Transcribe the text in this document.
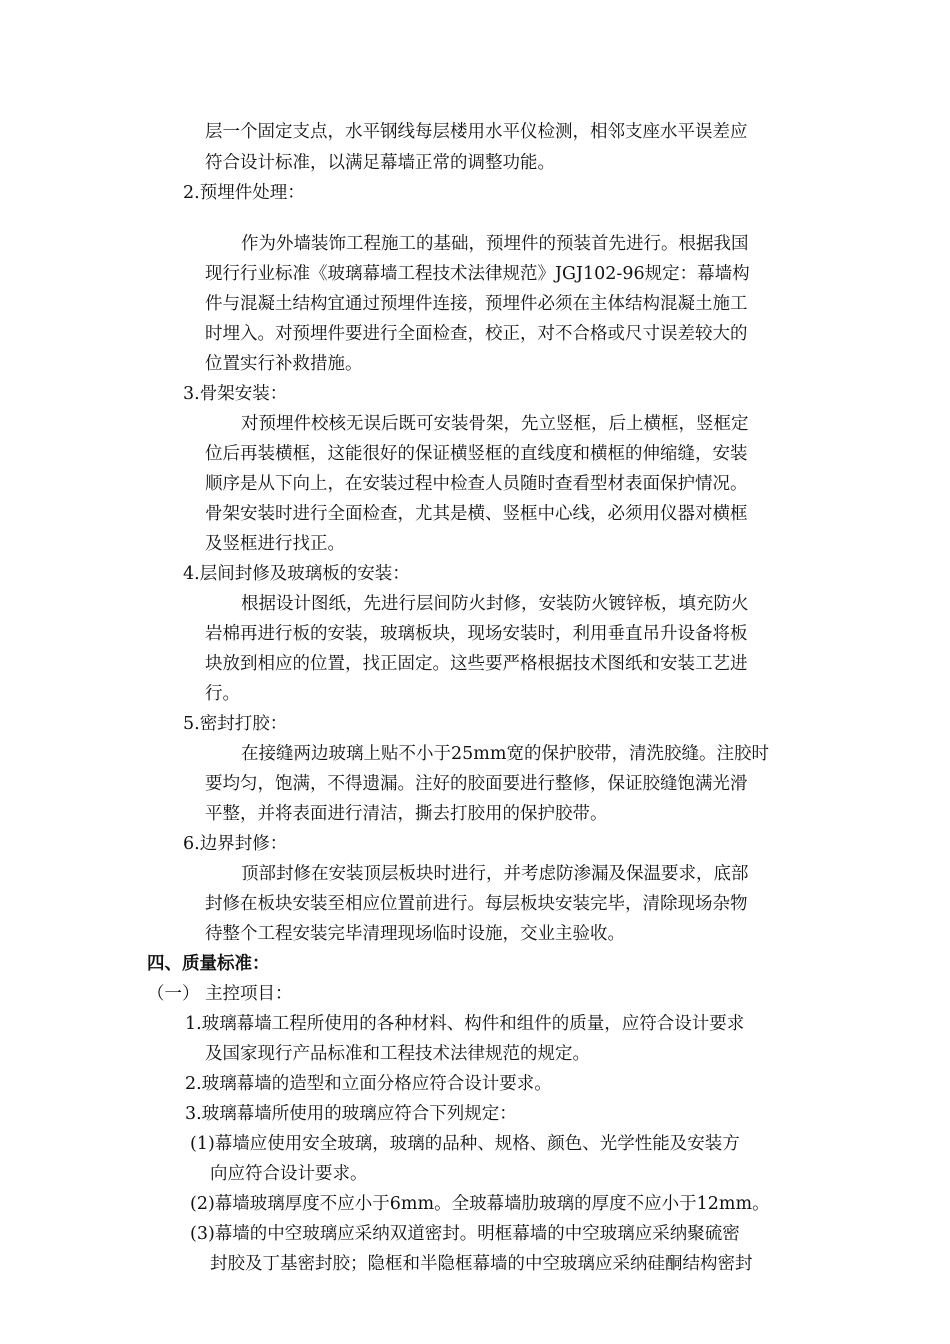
层一个固定支点，水平钢线每层楼用水平仪检测，相邻支座水平误差应
符合设计标准，以满足幕墙正常的调整功能。
2.预埋件处理：
作为外墙装饰工程施工的基础，预埋件的预装首先进行。根据我国
现行行业标准《玻璃幕墙工程技术法律规范》JGJ102-96规定：幕墙构
件与混凝土结构宜通过预埋件连接，预埋件必须在主体结构混凝土施工
时埋入。对预埋件要进行全面检查，校正，对不合格或尺寸误差较大的
位置实行补救措施。
3.骨架安装：
对预埋件校核无误后既可安装骨架，先立竖框，后上横框，竖框定
位后再装横框，这能很好的保证横竖框的直线度和横框的伸缩缝，安装
顺序是从下向上，在安装过程中检查人员随时查看型材表面保护情况。
骨架安装时进行全面检查，尤其是横、竖框中心线，必须用仪器对横框
及竖框进行找正。
4.层间封修及玻璃板的安装：
根据设计图纸，先进行层间防火封修，安装防火镀锌板，填充防火
岩棉再进行板的安装，玻璃板块，现场安装时，利用垂直吊升设备将板
块放到相应的位置，找正固定。这些要严格根据技术图纸和安装工艺进
行。
5.密封打胶：
在接缝两边玻璃上贴不小于25mm宽的保护胶带，清洗胶缝。注胶时
要均匀，饱满，不得遗漏。注好的胶面要进行整修，保证胶缝饱满光滑
平整，并将表面进行清洁，撕去打胶用的保护胶带。
6.边界封修：
顶部封修在安装顶层板块时进行，并考虑防渗漏及保温要求，底部
封修在板块安装至相应位置前进行。每层板块安装完毕，清除现场杂物
待整个工程安装完毕清理现场临时设施，交业主验收。
四、质量标准：
（一） 主控项目：
1.玻璃幕墙工程所使用的各种材料、构件和组件的质量，应符合设计要求
及国家现行产品标准和工程技术法律规范的规定。
2.玻璃幕墙的造型和立面分格应符合设计要求。
3.玻璃幕墙所使用的玻璃应符合下列规定：
(1)幕墙应使用安全玻璃，玻璃的品种、规格、颜色、光学性能及安装方
向应符合设计要求。
(2)幕墙玻璃厚度不应小于6mm。全玻幕墙肋玻璃的厚度不应小于12mm。
(3)幕墙的中空玻璃应采纳双道密封。明框幕墙的中空玻璃应采纳聚硫密
封胶及丁基密封胶；隐框和半隐框幕墙的中空玻璃应采纳硅酮结构密封
